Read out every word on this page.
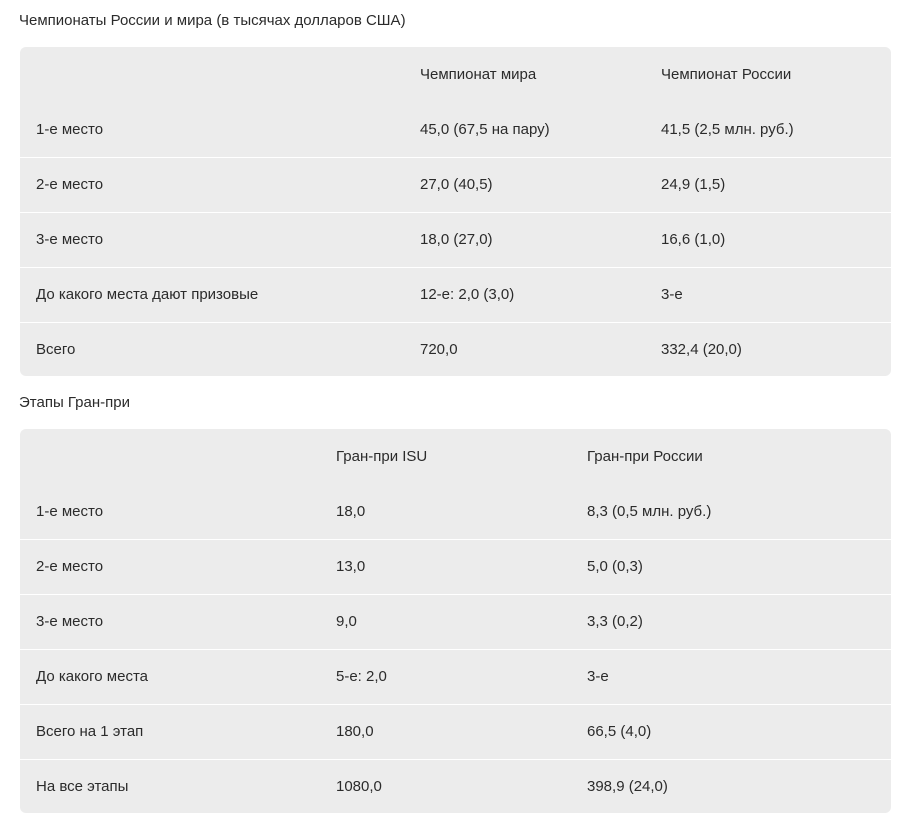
Чемпионаты России и мира (в тысячах долларов США)
	Чемпионат мира	Чемпионат России
1-е место	45,0 (67,5 на пару)	41,5 (2,5 млн. руб.)
2-е место	27,0 (40,5)	24,9 (1,5)
3-е место	18,0 (27,0)	16,6 (1,0)
До какого места дают призовые	12-е: 2,0 (3,0)	3-е
Всего	720,0	332,4 (20,0)
Этапы Гран-при
	Гран-при ISU	Гран-при России
1-е место	18,0	8,3 (0,5 млн. руб.)
2-е место	13,0	5,0 (0,3)
3-е место	9,0	3,3 (0,2)
До какого места	5-е: 2,0	3-е
Всего на 1 этап	180,0	66,5 (4,0)
На все этапы	1080,0	398,9 (24,0)
